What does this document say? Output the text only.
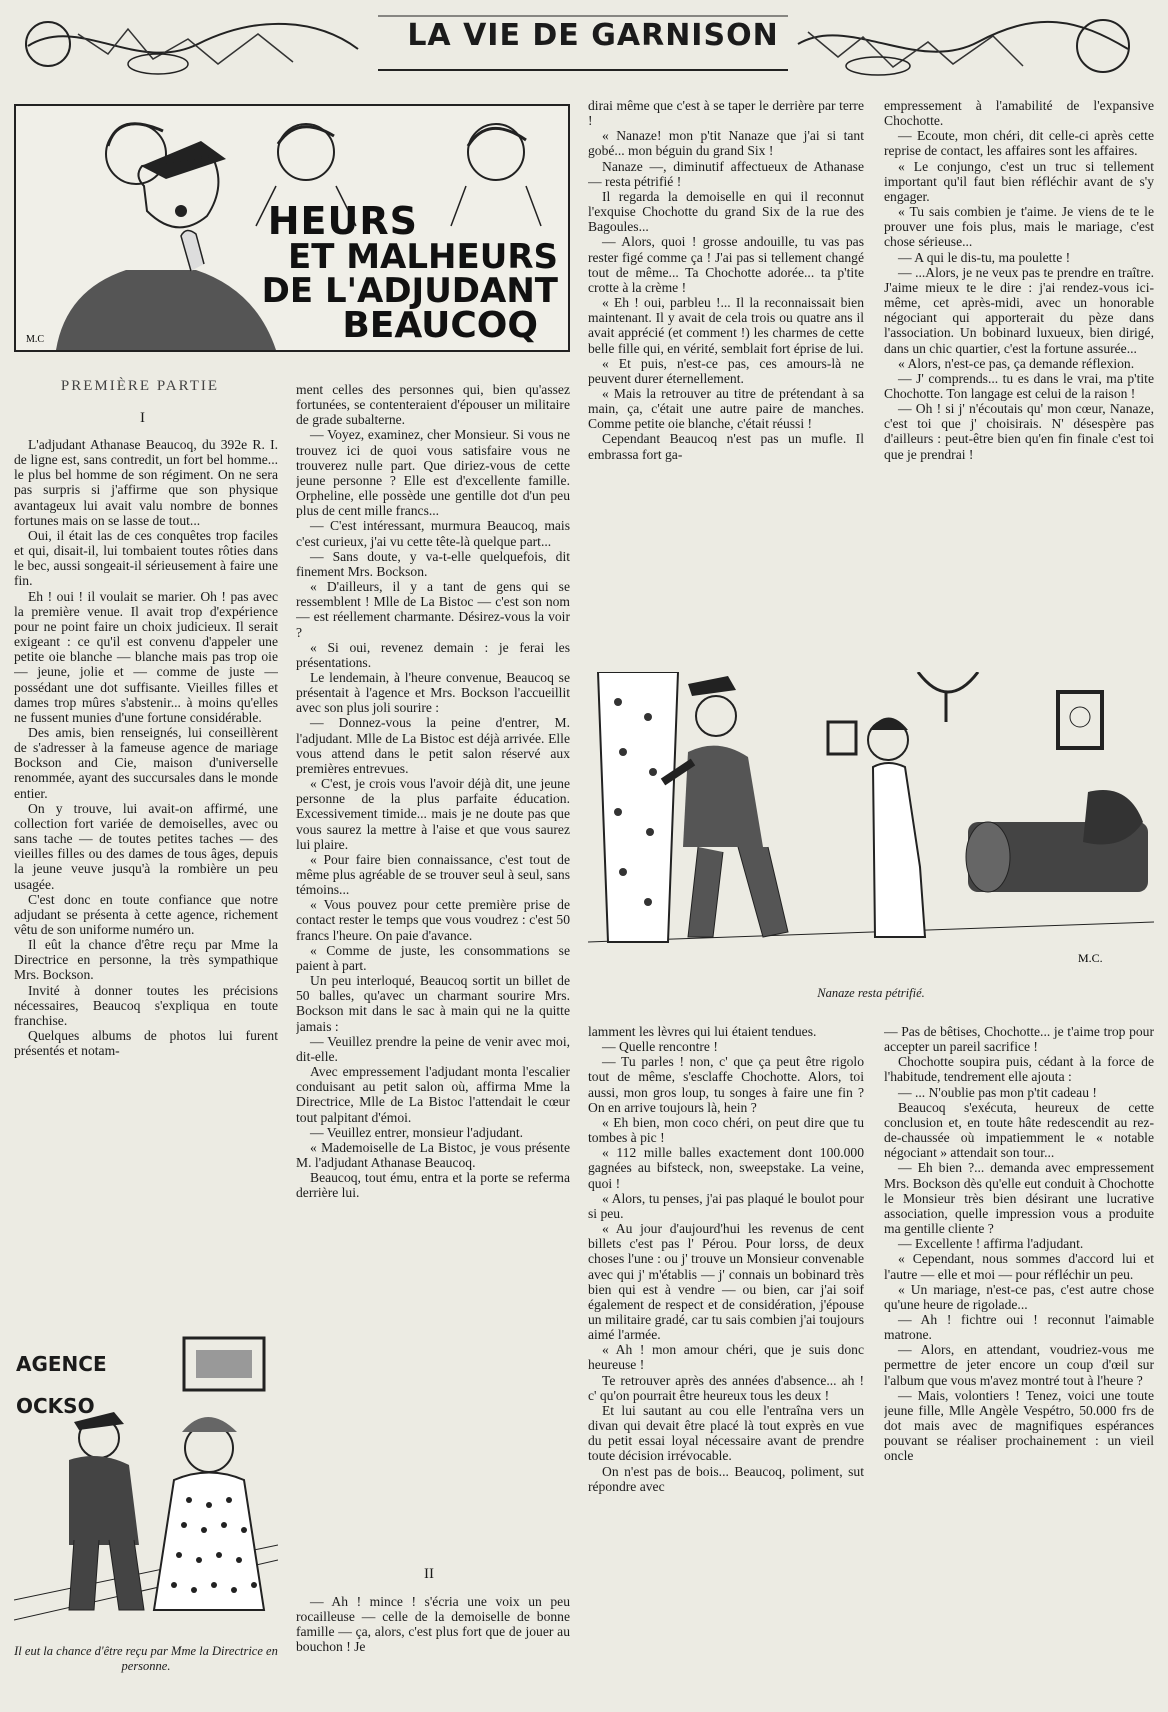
LA VIE DE GARNISON
M.C
HEURS
ET MALHEURS
DE L'ADJUDANT
BEAUCOQ
PREMIÈRE PARTIE
I

L'adjudant Athanase Beaucoq, du 392e R. I. de ligne est, sans contredit, un fort bel homme... le plus bel homme de son régiment. On ne sera pas surpris si j'affirme que son physique avantageux lui avait valu nombre de bonnes fortunes mais on se lasse de tout...

Oui, il était las de ces conquêtes trop faciles et qui, disait-il, lui tombaient toutes rôties dans le bec, aussi songeait-il sérieusement à faire une fin.

Eh ! oui ! il voulait se marier. Oh ! pas avec la première venue. Il avait trop d'expérience pour ne point faire un choix judicieux. Il serait exigeant : ce qu'il est convenu d'appeler une petite oie blanche — blanche mais pas trop oie — jeune, jolie et — comme de juste — possédant une dot suffisante. Vieilles filles et dames trop mûres s'abstenir... à moins qu'elles ne fussent munies d'une fortune considérable.

Des amis, bien renseignés, lui conseillèrent de s'adresser à la fameuse agence de mariage Bockson and Cie, maison d'universelle renommée, ayant des succursales dans le monde entier.

On y trouve, lui avait-on affirmé, une collection fort variée de demoiselles, avec ou sans tache — de toutes petites taches — des vieilles filles ou des dames de tous âges, depuis la jeune veuve jusqu'à la rombière un peu usagée.

C'est donc en toute confiance que notre adjudant se présenta à cette agence, richement vêtu de son uniforme numéro un.

Il eût la chance d'être reçu par Mme la Directrice en personne, la très sympathique Mrs. Bockson.

Invité à donner toutes les précisions nécessaires, Beaucoq s'expliqua en toute franchise.

Quelques albums de photos lui furent présentés et notam-

AGENCE
OCKSO
Il eut la chance d'être reçu par Mme la Directrice en personne.

ment celles des personnes qui, bien qu'assez fortunées, se contenteraient d'épouser un militaire de grade subalterne.

— Voyez, examinez, cher Monsieur. Si vous ne trouvez ici de quoi vous satisfaire vous ne trouverez nulle part. Que diriez-vous de cette jeune personne ? Elle est d'excellente famille. Orpheline, elle possède une gentille dot d'un peu plus de cent mille francs...

— C'est intéressant, murmura Beaucoq, mais c'est curieux, j'ai vu cette tête-là quelque part...

— Sans doute, y va-t-elle quelquefois, dit finement Mrs. Bockson.

« D'ailleurs, il y a tant de gens qui se ressemblent ! Mlle de La Bistoc — c'est son nom — est réellement charmante. Désirez-vous la voir ?

« Si oui, revenez demain : je ferai les présentations.

Le lendemain, à l'heure convenue, Beaucoq se présentait à l'agence et Mrs. Bockson l'accueillit avec son plus joli sourire :

— Donnez-vous la peine d'entrer, M. l'adjudant. Mlle de La Bistoc est déjà arrivée. Elle vous attend dans le petit salon réservé aux premières entrevues.

« C'est, je crois vous l'avoir déjà dit, une jeune personne de la plus parfaite éducation. Excessivement timide... mais je ne doute pas que vous saurez la mettre à l'aise et que vous saurez lui plaire.

« Pour faire bien connaissance, c'est tout de même plus agréable de se trouver seul à seul, sans témoins...

« Vous pouvez pour cette première prise de contact rester le temps que vous voudrez : c'est 50 francs l'heure. On paie d'avance.

« Comme de juste, les consommations se paient à part.

Un peu interloqué, Beaucoq sortit un billet de 50 balles, qu'avec un charmant sourire Mrs. Bockson mit dans le sac à main qui ne la quitte jamais :

— Veuillez prendre la peine de venir avec moi, dit-elle.

Avec empressement l'adjudant monta l'escalier conduisant au petit salon où, affirma Mme la Directrice, Mlle de La Bistoc l'attendait le cœur tout palpitant d'émoi.

— Veuillez entrer, monsieur l'adjudant.

« Mademoiselle de La Bistoc, je vous présente M. l'adjudant Athanase Beaucoq.

Beaucoq, tout ému, entra et la porte se referma derrière lui.

II

— Ah ! mince ! s'écria une voix un peu rocailleuse — celle de la demoiselle de bonne famille — ça, alors, c'est plus fort que de jouer au bouchon ! Je

dirai même que c'est à se taper le derrière par terre !

« Nanaze! mon p'tit Nanaze que j'ai si tant gobé... mon béguin du grand Six !

Nanaze —, diminutif affectueux de Athanase — resta pétrifié !

Il regarda la demoiselle en qui il reconnut l'exquise Chochotte du grand Six de la rue des Bagoules...

— Alors, quoi ! grosse andouille, tu vas pas rester figé comme ça ! J'ai pas si tellement changé tout de même... Ta Chochotte adorée... ta p'tite crotte à la crème !

« Eh ! oui, parbleu !... Il la reconnaissait bien maintenant. Il y avait de cela trois ou quatre ans il avait apprécié (et comment !) les charmes de cette belle fille qui, en vérité, semblait fort éprise de lui.

« Et puis, n'est-ce pas, ces amours-là ne peuvent durer éternellement.

« Mais la retrouver au titre de prétendant à sa main, ça, c'était une autre paire de manches. Comme petite oie blanche, c'était réussi !

Cependant Beaucoq n'est pas un mufle. Il embrassa fort ga-

empressement à l'amabilité de l'expansive Chochotte.

— Ecoute, mon chéri, dit celle-ci après cette reprise de contact, les affaires sont les affaires.

« Le conjungo, c'est un truc si tellement important qu'il faut bien réfléchir avant de s'y engager.

« Tu sais combien je t'aime. Je viens de te le prouver une fois plus, mais le mariage, c'est chose sérieuse...

— A qui le dis-tu, ma poulette !

— ...Alors, je ne veux pas te prendre en traître. J'aime mieux te le dire : j'ai rendez-vous ici-même, cet après-midi, avec un honorable négociant qui apporterait du pèze dans l'association. Un bobinard luxueux, bien dirigé, dans un chic quartier, c'est la fortune assurée...

« Alors, n'est-ce pas, ça demande réflexion.

— J' comprends... tu es dans le vrai, ma p'tite Chochotte. Ton langage est celui de la raison !

— Oh ! si j' n'écoutais qu' mon cœur, Nanaze, c'est toi que j' choisirais. N' désespère pas d'ailleurs : peut-être bien qu'en fin finale c'est toi que je prendrai !

M.C.
Nanaze resta pétrifié.

lamment les lèvres qui lui étaient tendues.

— Quelle rencontre !

— Tu parles ! non, c' que ça peut être rigolo tout de même, s'esclaffe Chochotte. Alors, toi aussi, mon gros loup, tu songes à faire une fin ? On en arrive toujours là, hein ?

« Eh bien, mon coco chéri, on peut dire que tu tombes à pic !

« 112 mille balles exactement dont 100.000 gagnées au bifsteck, non, sweepstake. La veine, quoi !

« Alors, tu penses, j'ai pas plaqué le boulot pour si peu.

« Au jour d'aujourd'hui les revenus de cent billets c'est pas l' Pérou. Pour lorss, de deux choses l'une : ou j' trouve un Monsieur convenable avec qui j' m'établis — j' connais un bobinard très bien qui est à vendre — ou bien, car j'ai soif également de respect et de considération, j'épouse un militaire gradé, car tu sais combien j'ai toujours aimé l'armée.

« Ah ! mon amour chéri, que je suis donc heureuse !

Te retrouver après des années d'absence... ah ! c' qu'on pourrait être heureux tous les deux !

Et lui sautant au cou elle l'entraîna vers un divan qui devait être placé là tout exprès en vue du petit essai loyal nécessaire avant de prendre toute décision irrévocable.

On n'est pas de bois... Beaucoq, poliment, sut répondre avec

— Pas de bêtises, Chochotte... je t'aime trop pour accepter un pareil sacrifice !

Chochotte soupira puis, cédant à la force de l'habitude, tendrement elle ajouta :

— ... N'oublie pas mon p'tit cadeau !

Beaucoq s'exécuta, heureux de cette conclusion et, en toute hâte redescendit au rez-de-chaussée où impatiemment le « notable négociant » attendait son tour...

— Eh bien ?... demanda avec empressement Mrs. Bockson dès qu'elle eut conduit à Chochotte le Monsieur très bien désirant une lucrative association, quelle impression vous a produite ma gentille cliente ?

— Excellente ! affirma l'adjudant.

« Cependant, nous sommes d'accord lui et l'autre — elle et moi — pour réfléchir un peu.

« Un mariage, n'est-ce pas, c'est autre chose qu'une heure de rigolade...

— Ah ! fichtre oui ! reconnut l'aimable matrone.

— Alors, en attendant, voudriez-vous me permettre de jeter encore un coup d'œil sur l'album que vous m'avez montré tout à l'heure ?

— Mais, volontiers ! Tenez, voici une toute jeune fille, Mlle Angèle Vespétro, 50.000 frs de dot mais avec de magnifiques espérances pouvant se réaliser prochainement : un vieil oncle
